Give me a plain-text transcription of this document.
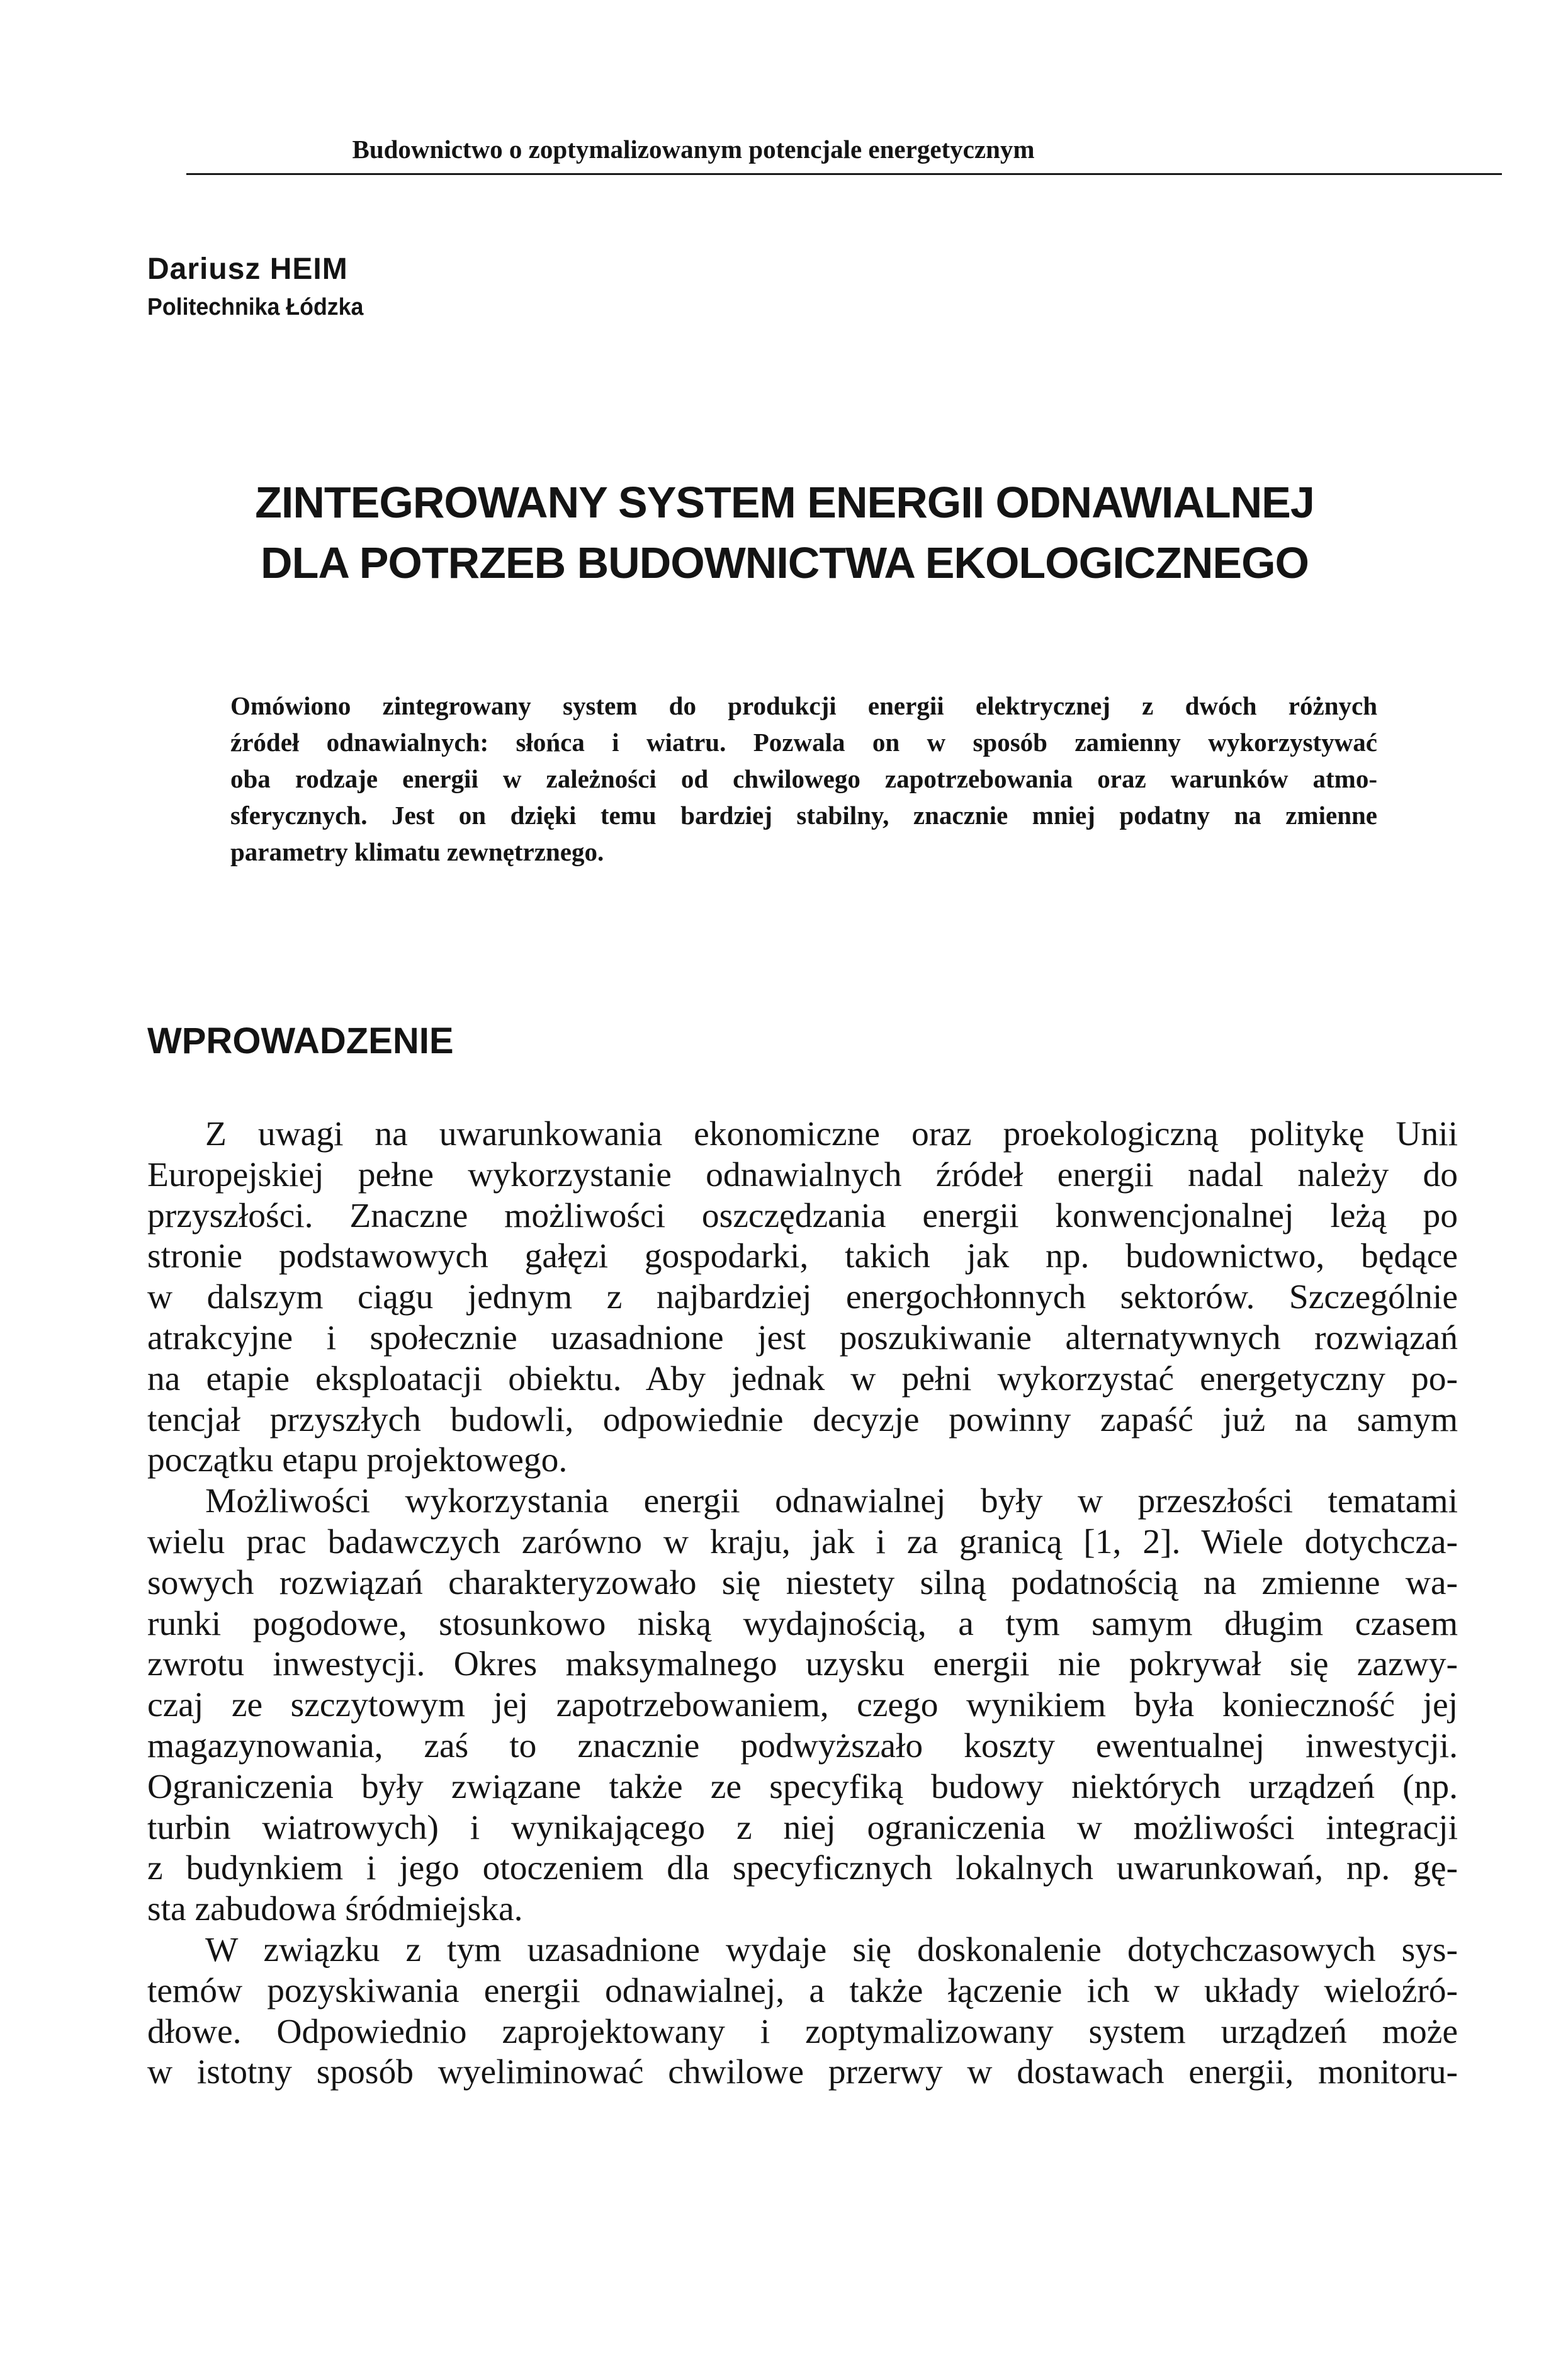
Budownictwo o zoptymalizowanym potencjale energetycznym
Dariusz HEIM
Politechnika Łódzka
ZINTEGROWANY SYSTEM ENERGII ODNAWIALNEJ
DLA POTRZEB BUDOWNICTWA EKOLOGICZNEGO
Omówiono zintegrowany system do produkcji energii elektrycznej z dwóch różnych
źródeł odnawialnych: słońca i wiatru. Pozwala on w sposób zamienny wykorzystywać
oba rodzaje energii w zależności od chwilowego zapotrzebowania oraz warunków atmo-
sferycznych. Jest on dzięki temu bardziej stabilny, znacznie mniej podatny na zmienne
parametry klimatu zewnętrznego.
WPROWADZENIE
Z uwagi na uwarunkowania ekonomiczne oraz proekologiczną politykę Unii
Europejskiej pełne wykorzystanie odnawialnych źródeł energii nadal należy do
przyszłości. Znaczne możliwości oszczędzania energii konwencjonalnej leżą po
stronie podstawowych gałęzi gospodarki, takich jak np. budownictwo, będące
w dalszym ciągu jednym z najbardziej energochłonnych sektorów. Szczególnie
atrakcyjne i społecznie uzasadnione jest poszukiwanie alternatywnych rozwiązań
na etapie eksploatacji obiektu. Aby jednak w pełni wykorzystać energetyczny po-
tencjał przyszłych budowli, odpowiednie decyzje powinny zapaść już na samym
początku etapu projektowego.
Możliwości wykorzystania energii odnawialnej były w przeszłości tematami
wielu prac badawczych zarówno w kraju, jak i za granicą [1, 2]. Wiele dotychcza-
sowych rozwiązań charakteryzowało się niestety silną podatnością na zmienne wa-
runki pogodowe, stosunkowo niską wydajnością, a tym samym długim czasem
zwrotu inwestycji. Okres maksymalnego uzysku energii nie pokrywał się zazwy-
czaj ze szczytowym jej zapotrzebowaniem, czego wynikiem była konieczność jej
magazynowania, zaś to znacznie podwyższało koszty ewentualnej inwestycji.
Ograniczenia były związane także ze specyfiką budowy niektórych urządzeń (np.
turbin wiatrowych) i wynikającego z niej ograniczenia w możliwości integracji
z budynkiem i jego otoczeniem dla specyficznych lokalnych uwarunkowań, np. gę-
sta zabudowa śródmiejska.
W związku z tym uzasadnione wydaje się doskonalenie dotychczasowych sys-
temów pozyskiwania energii odnawialnej, a także łączenie ich w układy wieloźró-
dłowe. Odpowiednio zaprojektowany i zoptymalizowany system urządzeń może
w istotny sposób wyeliminować chwilowe przerwy w dostawach energii, monitoru-
